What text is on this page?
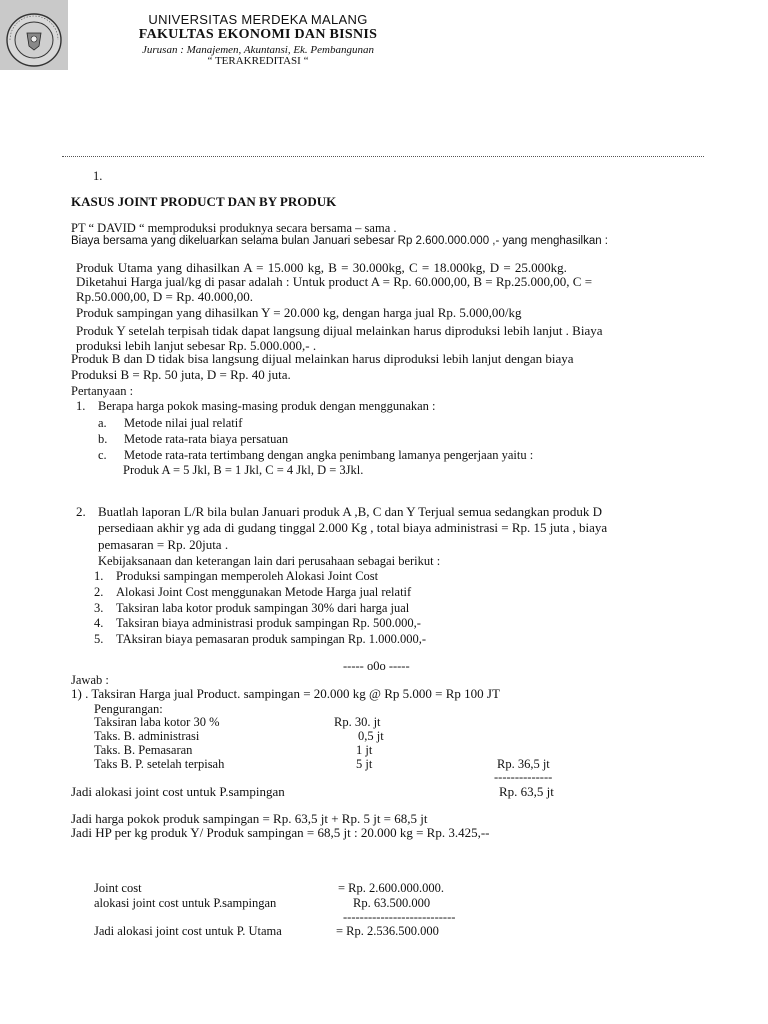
UNIVERSITAS MERDEKA MALANG
FAKULTAS EKONOMI DAN BISNIS
Jurusan : Manajemen, Akuntansi, Ek. Pembangunan
“ TERAKREDITASI “
1.
KASUS JOINT PRODUCT DAN BY PRODUK
PT “ DAVID “ memproduksi produknya secara bersama – sama .
Biaya bersama yang dikeluarkan selama bulan Januari sebesar Rp 2.600.000.000 ,- yang menghasilkan :
Produk Utama yang dihasilkan A = 15.000 kg, B = 30.000kg, C = 18.000kg, D = 25.000kg.
Diketahui Harga jual/kg di pasar adalah : Untuk product A = Rp. 60.000,00, B = Rp.25.000,00, C =
Rp.50.000,00, D = Rp. 40.000,00.
Produk sampingan yang dihasilkan Y = 20.000 kg, dengan harga jual Rp. 5.000,00/kg
Produk Y setelah terpisah tidak dapat langsung dijual melainkan harus diproduksi lebih lanjut . Biaya
produksi lebih lanjut sebesar Rp. 5.000.000,- .
Produk B dan D tidak bisa langsung dijual melainkan harus diproduksi lebih lanjut dengan biaya
Produksi B = Rp. 50 juta, D = Rp. 40 juta.
Pertanyaan :
1. Berapa harga pokok masing-masing produk dengan menggunakan :
a. Metode nilai jual relatif
b. Metode rata-rata biaya persatuan
c. Metode rata-rata tertimbang dengan angka penimbang lamanya pengerjaan yaitu :
Produk A = 5 Jkl, B = 1 Jkl, C = 4 Jkl, D = 3Jkl.
2. Buatlah laporan L/R bila bulan Januari produk A ,B, C dan Y Terjual semua sedangkan produk D
persediaan akhir yg ada di gudang tinggal 2.000 Kg , total biaya administrasi = Rp. 15 juta , biaya
pemasaran = Rp. 20juta .
Kebijaksanaan dan keterangan lain dari perusahaan sebagai berikut :
1. Produksi sampingan memperoleh Alokasi Joint Cost
2. Alokasi Joint Cost menggunakan Metode Harga jual relatif
3. Taksiran laba kotor produk sampingan 30% dari harga jual
4. Taksiran biaya administrasi produk sampingan Rp. 500.000,-
5. TAksiran biaya pemasaran produk sampingan Rp. 1.000.000,-
----- o0o -----
Jawab :
1) . Taksiran Harga jual Product. sampingan = 20.000 kg @ Rp 5.000 = Rp 100 JT
Pengurangan:
Taksiran laba kotor 30 %	Rp. 30. jt
Taks. B. administrasi	0,5 jt
Taks. B. Pemasaran	1 jt
Taks B. P. setelah terpisah	5 jt	Rp. 36,5 jt
--------------
Jadi alokasi joint cost untuk P.sampingan	Rp. 63,5 jt
Jadi harga pokok produk sampingan = Rp. 63,5 jt + Rp. 5 jt = 68,5 jt
Jadi HP per kg produk Y/ Produk sampingan = 68,5 jt : 20.000 kg = Rp. 3.425,--
Joint cost	= Rp. 2.600.000.000.
alokasi joint cost untuk P.sampingan	Rp. 63.500.000
---------------------------
Jadi alokasi joint cost untuk P. Utama	= Rp. 2.536.500.000
